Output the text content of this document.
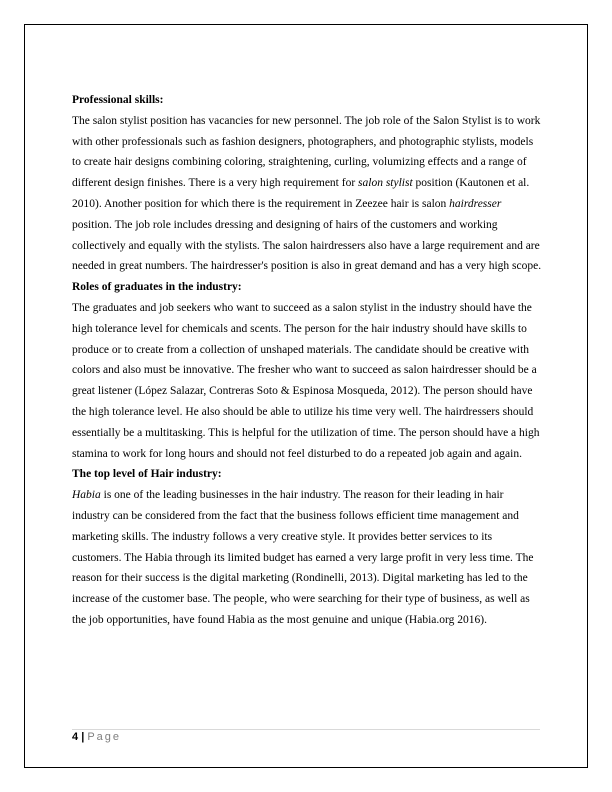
Professional skills:

The salon stylist position has vacancies for new personnel. The job role of the Salon Stylist is to work with other professionals such as fashion designers, photographers, and photographic stylists, models to create hair designs combining coloring, straightening, curling, volumizing effects and a range of different design finishes. There is a very high requirement for salon stylist position (Kautonen et al. 2010). Another position for which there is the requirement in Zeezee hair is salon hairdresser position. The job role includes dressing and designing of hairs of the customers and working collectively and equally with the stylists. The salon hairdressers also have a large requirement and are needed in great numbers. The hairdresser's position is also in great demand and has a very high scope.

Roles of graduates in the industry:

The graduates and job seekers who want to succeed as a salon stylist in the industry should have the high tolerance level for chemicals and scents. The person for the hair industry should have skills to produce or to create from a collection of unshaped materials. The candidate should be creative with colors and also must be innovative. The fresher who want to succeed as salon hairdresser should be a great listener (López Salazar, Contreras Soto & Espinosa Mosqueda, 2012). The person should have the high tolerance level. He also should be able to utilize his time very well. The hairdressers should essentially be a multitasking. This is helpful for the utilization of time. The person should have a high stamina to work for long hours and should not feel disturbed to do a repeated job again and again.

The top level of Hair industry:

Habia is one of the leading businesses in the hair industry. The reason for their leading in hair industry can be considered from the fact that the business follows efficient time management and marketing skills. The industry follows a very creative style. It provides better services to its customers. The Habia through its limited budget has earned a very large profit in very less time. The reason for their success is the digital marketing (Rondinelli, 2013). Digital marketing has led to the increase of the customer base. The people, who were searching for their type of business, as well as the job opportunities, have found Habia as the most genuine and unique (Habia.org 2016).

4 | Page
